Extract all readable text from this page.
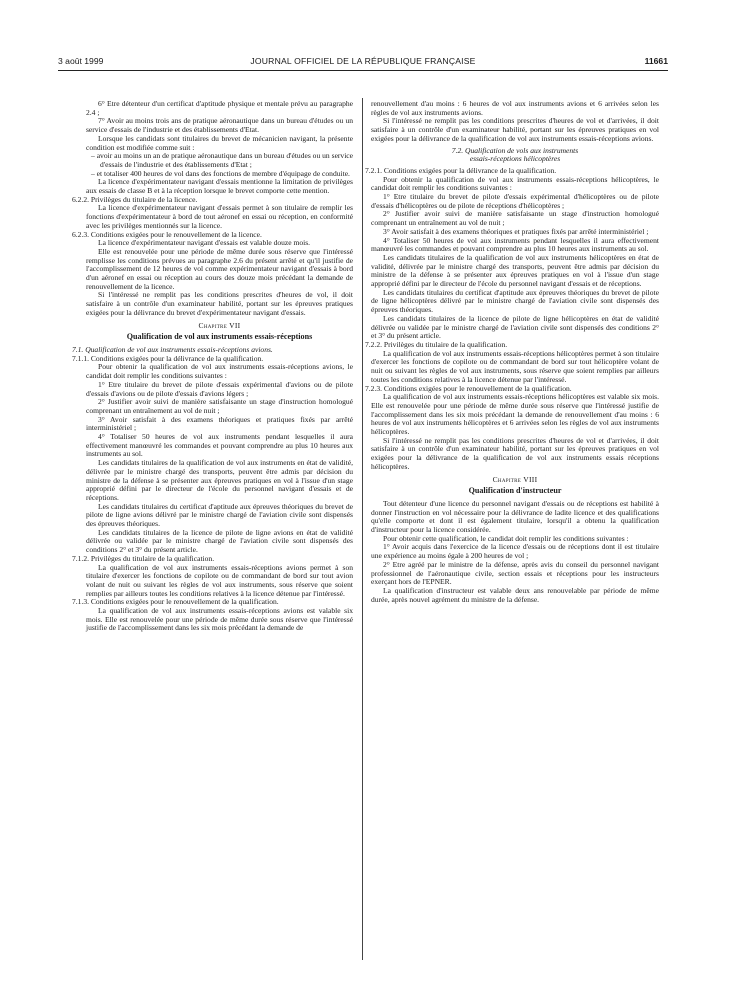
3 août 1999	JOURNAL OFFICIEL DE LA RÉPUBLIQUE FRANÇAISE	11661

6° Etre détenteur d'un certificat d'aptitude physique et mentale prévu au paragraphe 2.4 ;

7° Avoir au moins trois ans de pratique aéronautique dans un bureau d'études ou un service d'essais de l'industrie et des établissements d'Etat.

Lorsque les candidats sont titulaires du brevet de mécanicien navigant, la présente condition est modifiée comme suit :

– avoir au moins un an de pratique aéronautique dans un bureau d'études ou un service d'essais de l'industrie et des établissements d'Etat ;

– et totaliser 400 heures de vol dans des fonctions de membre d'équipage de conduite.

La licence d'expérimentateur navigant d'essais mentionne la limitation de privilèges aux essais de classe B et à la réception lorsque le brevet comporte cette mention.

6.2.2. Privilèges du titulaire de la licence.

La licence d'expérimentateur navigant d'essais permet à son titulaire de remplir les fonctions d'expérimentateur à bord de tout aéronef en essai ou réception, en conformité avec les privilèges mentionnés sur la licence.

6.2.3. Conditions exigées pour le renouvellement de la licence.

La licence d'expérimentateur navigant d'essais est valable douze mois.

Elle est renouvelée pour une période de même durée sous réserve que l'intéressé remplisse les conditions prévues au paragraphe 2.6 du présent arrêté et qu'il justifie de l'accomplissement de 12 heures de vol comme expérimentateur navigant d'essais à bord d'un aéronef en essai ou réception au cours des douze mois précédant la demande de renouvellement de la licence.

Si l'intéressé ne remplit pas les conditions prescrites d'heures de vol, il doit satisfaire à un contrôle d'un examinateur habilité, portant sur les épreuves pratiques exigées pour la délivrance du brevet d'expérimentateur navigant d'essais.

Chapitre VII

Qualification de vol aux instruments essais-réceptions

7.1. Qualification de vol aux instruments essais-réceptions avions.

7.1.1. Conditions exigées pour la délivrance de la qualification.

Pour obtenir la qualification de vol aux instruments essais-réceptions avions, le candidat doit remplir les conditions suivantes :

1° Etre titulaire du brevet de pilote d'essais expérimental d'avions ou de pilote d'essais d'avions ou de pilote d'essais d'avions légers ;

2° Justifier avoir suivi de manière satisfaisante un stage d'instruction homologué comprenant un entraînement au vol de nuit ;

3° Avoir satisfait à des examens théoriques et pratiques fixés par arrêté interministériel ;

4° Totaliser 50 heures de vol aux instruments pendant lesquelles il aura effectivement manœuvré les commandes et pouvant comprendre au plus 10 heures aux instruments au sol.

Les candidats titulaires de la qualification de vol aux instruments en état de validité, délivrée par le ministre chargé des transports, peuvent être admis par décision du ministre de la défense à se présenter aux épreuves pratiques en vol à l'issue d'un stage approprié défini par le directeur de l'école du personnel navigant d'essais et de réceptions.

Les candidats titulaires du certificat d'aptitude aux épreuves théoriques du brevet de pilote de ligne avions délivré par le ministre chargé de l'aviation civile sont dispensés des épreuves théoriques.

Les candidats titulaires de la licence de pilote de ligne avions en état de validité délivrée ou validée par le ministre chargé de l'aviation civile sont dispensés des conditions 2° et 3° du présent article.

7.1.2. Privilèges du titulaire de la qualification.

La qualification de vol aux instruments essais-réceptions avions permet à son titulaire d'exercer les fonctions de copilote ou de commandant de bord sur tout avion volant de nuit ou suivant les règles de vol aux instruments, sous réserve que soient remplies par ailleurs toutes les conditions relatives à la licence détenue par l'intéressé.

7.1.3. Conditions exigées pour le renouvellement de la qualification.

La qualification de vol aux instruments essais-réceptions avions est valable six mois. Elle est renouvelée pour une période de même durée sous réserve que l'intéressé justifie de l'accomplissement dans les six mois précédant la demande de

renouvellement d'au moins : 6 heures de vol aux instruments avions et 6 arrivées selon les règles de vol aux instruments avions.

Si l'intéressé ne remplit pas les conditions prescrites d'heures de vol et d'arrivées, il doit satisfaire à un contrôle d'un examinateur habilité, portant sur les épreuves pratiques en vol exigées pour la délivrance de la qualification de vol aux instruments essais-réceptions avions.

7.2. Qualification de vols aux instruments

essais-réceptions hélicoptères

7.2.1. Conditions exigées pour la délivrance de la qualification.

Pour obtenir la qualification de vol aux instruments essais-réceptions hélicoptères, le candidat doit remplir les conditions suivantes :

1° Etre titulaire du brevet de pilote d'essais expérimental d'hélicoptères ou de pilote d'essais d'hélicoptères ou de pilote de réceptions d'hélicoptères ;

2° Justifier avoir suivi de manière satisfaisante un stage d'instruction homologué comprenant un entraînement au vol de nuit ;

3° Avoir satisfait à des examens théoriques et pratiques fixés par arrêté interministériel ;

4° Totaliser 50 heures de vol aux instruments pendant lesquelles il aura effectivement manœuvré les commandes et pouvant comprendre au plus 10 heures aux instruments au sol.

Les candidats titulaires de la qualification de vol aux instruments hélicoptères en état de validité, délivrée par le ministre chargé des transports, peuvent être admis par décision du ministre de la défense à se présenter aux épreuves pratiques en vol à l'issue d'un stage approprié défini par le directeur de l'école du personnel navigant d'essais et de réceptions.

Les candidats titulaires du certificat d'aptitude aux épreuves théoriques du brevet de pilote de ligne hélicoptères délivré par le ministre chargé de l'aviation civile sont dispensés des épreuves théoriques.

Les candidats titulaires de la licence de pilote de ligne hélicoptères en état de validité délivrée ou validée par le ministre chargé de l'aviation civile sont dispensés des conditions 2° et 3° du présent article.

7.2.2. Privilèges du titulaire de la qualification.

La qualification de vol aux instruments essais-réceptions hélicoptères permet à son titulaire d'exercer les fonctions de copilote ou de commandant de bord sur tout hélicoptère volant de nuit ou suivant les règles de vol aux instruments, sous réserve que soient remplies par ailleurs toutes les conditions relatives à la licence détenue par l'intéressé.

7.2.3. Conditions exigées pour le renouvellement de la qualification.

La qualification de vol aux instruments essais-réceptions hélicoptères est valable six mois. Elle est renouvelée pour une période de même durée sous réserve que l'intéressé justifie de l'accomplissement dans les six mois précédant la demande de renouvellement d'au moins : 6 heures de vol aux instruments hélicoptères et 6 arrivées selon les règles de vol aux instruments hélicoptères.

Si l'intéressé ne remplit pas les conditions prescrites d'heures de vol et d'arrivées, il doit satisfaire à un contrôle d'un examinateur habilité, portant sur les épreuves pratiques en vol exigées pour la délivrance de la qualification de vol aux instruments essais réceptions hélicoptères.

Chapitre VIII

Qualification d'instructeur

Tout détenteur d'une licence du personnel navigant d'essais ou de réceptions est habilité à donner l'instruction en vol nécessaire pour la délivrance de ladite licence et des qualifications qu'elle comporte et dont il est également titulaire, lorsqu'il a obtenu la qualification d'instructeur pour la licence considérée.

Pour obtenir cette qualification, le candidat doit remplir les conditions suivantes :

1° Avoir acquis dans l'exercice de la licence d'essais ou de réceptions dont il est titulaire une expérience au moins égale à 200 heures de vol ;

2° Etre agréé par le ministre de la défense, après avis du conseil du personnel navigant professionnel de l'aéronautique civile, section essais et réceptions pour les instructeurs exerçant hors de l'EPNER.

La qualification d'instructeur est valable deux ans renouvelable par période de même durée, après nouvel agrément du ministre de la défense.
